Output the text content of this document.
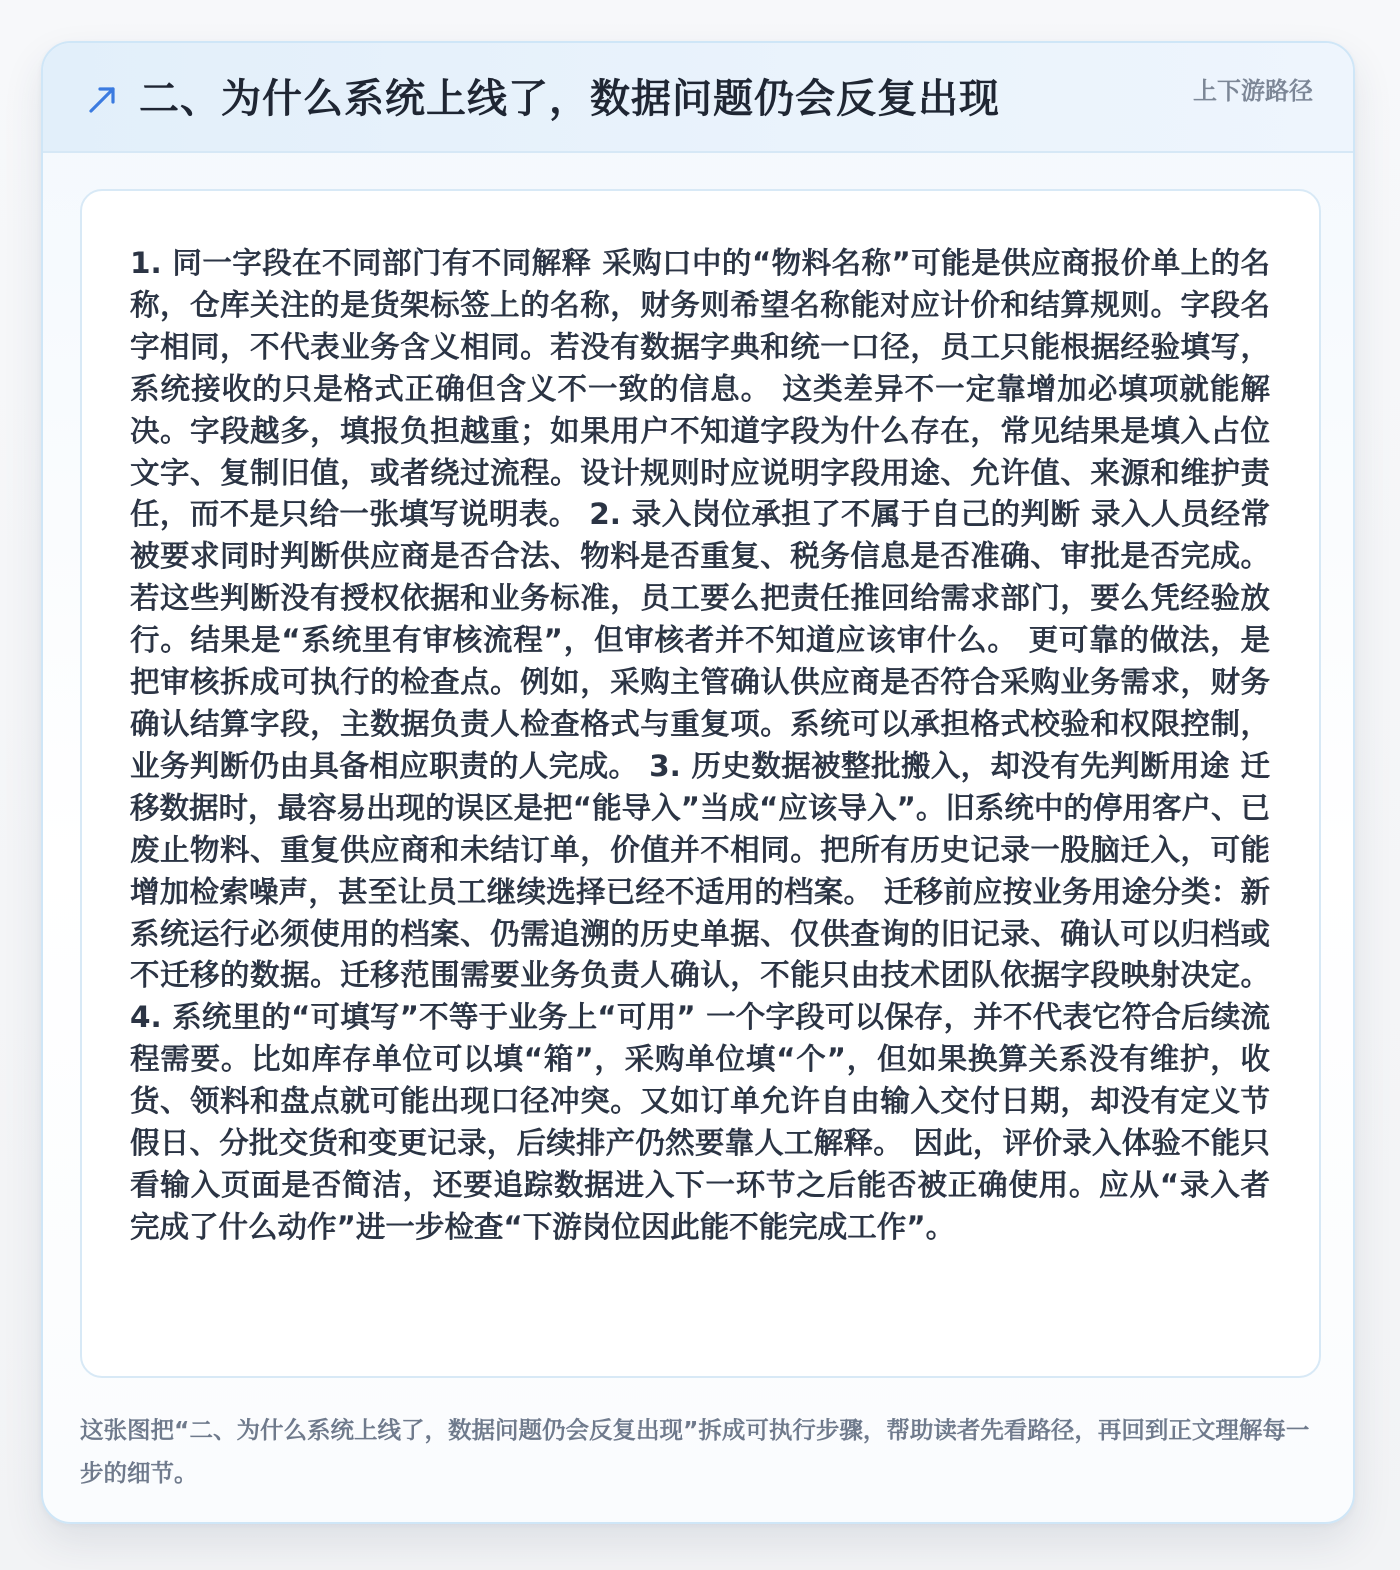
二、为什么系统上线了，数据问题仍会反复出现	上下游路径

1. 同一字段在不同部门有不同解释 采购口中的“物料名称”可能是供应商报价单上的名称，仓库关注的是货架标签上的名称，财务则希望名称能对应计价和结算规则。字段名字相同，不代表业务含义相同。若没有数据字典和统一口径，员工只能根据经验填写，系统接收的只是格式正确但含义不一致的信息。 这类差异不一定靠增加必填项就能解决。字段越多，填报负担越重；如果用户不知道字段为什么存在，常见结果是填入占位文字、复制旧值，或者绕过流程。设计规则时应说明字段用途、允许值、来源和维护责任，而不是只给一张填写说明表。 2. 录入岗位承担了不属于自己的判断 录入人员经常被要求同时判断供应商是否合法、物料是否重复、税务信息是否准确、审批是否完成。若这些判断没有授权依据和业务标准，员工要么把责任推回给需求部门，要么凭经验放行。结果是“系统里有审核流程”，但审核者并不知道应该审什么。 更可靠的做法，是把审核拆成可执行的检查点。例如，采购主管确认供应商是否符合采购业务需求，财务确认结算字段，主数据负责人检查格式与重复项。系统可以承担格式校验和权限控制，业务判断仍由具备相应职责的人完成。 3. 历史数据被整批搬入，却没有先判断用途 迁移数据时，最容易出现的误区是把“能导入”当成“应该导入”。旧系统中的停用客户、已废止物料、重复供应商和未结订单，价值并不相同。把所有历史记录一股脑迁入，可能增加检索噪声，甚至让员工继续选择已经不适用的档案。 迁移前应按业务用途分类：新系统运行必须使用的档案、仍需追溯的历史单据、仅供查询的旧记录、确认可以归档或不迁移的数据。迁移范围需要业务负责人确认，不能只由技术团队依据字段映射决定。 4. 系统里的“可填写”不等于业务上“可用” 一个字段可以保存，并不代表它符合后续流程需要。比如库存单位可以填“箱”，采购单位填“个”，但如果换算关系没有维护，收货、领料和盘点就可能出现口径冲突。又如订单允许自由输入交付日期，却没有定义节假日、分批交货和变更记录，后续排产仍然要靠人工解释。 因此，评价录入体验不能只看输入页面是否简洁，还要追踪数据进入下一环节之后能否被正确使用。应从“录入者完成了什么动作”进一步检查“下游岗位因此能不能完成工作”。

这张图把“二、为什么系统上线了，数据问题仍会反复出现”拆成可执行步骤，帮助读者先看路径，再回到正文理解每一步的细节。
